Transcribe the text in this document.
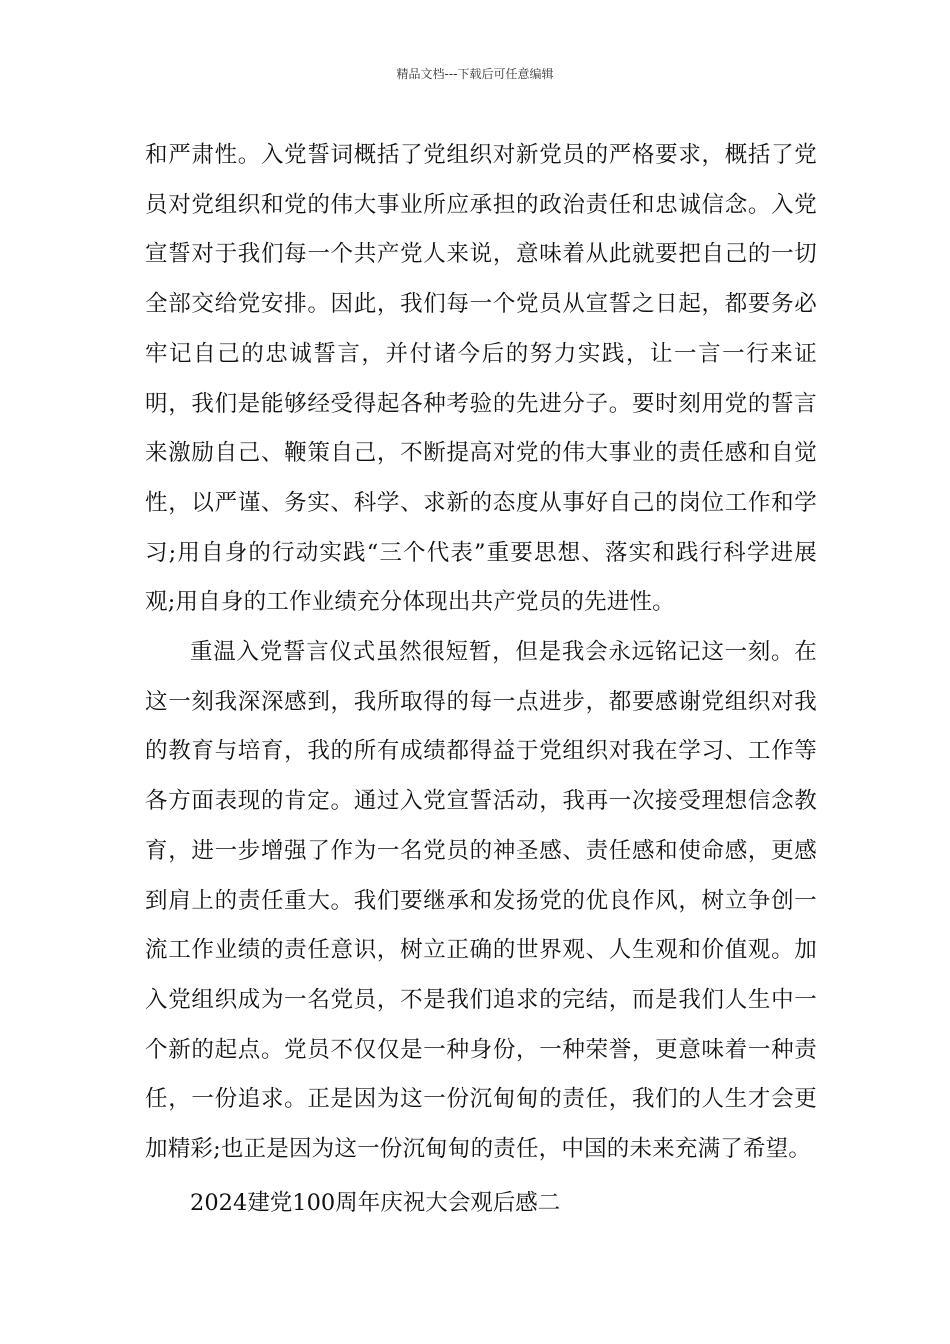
精品文档---下载后可任意编辑

和严肃性。入党誓词概括了党组织对新党员的严格要求，概括了党员对党组织和党的伟大事业所应承担的政治责任和忠诚信念。入党宣誓对于我们每一个共产党人来说，意味着从此就要把自己的一切全部交给党安排。因此，我们每一个党员从宣誓之日起，都要务必牢记自己的忠诚誓言，并付诸今后的努力实践，让一言一行来证明，我们是能够经受得起各种考验的先进分子。要时刻用党的誓言来激励自己、鞭策自己，不断提高对党的伟大事业的责任感和自觉性，以严谨、务实、科学、求新的态度从事好自己的岗位工作和学习;用自身的行动实践“三个代表”重要思想、落实和践行科学进展观;用自身的工作业绩充分体现出共产党员的先进性。

重温入党誓言仪式虽然很短暂，但是我会永远铭记这一刻。在这一刻我深深感到，我所取得的每一点进步，都要感谢党组织对我的教育与培育，我的所有成绩都得益于党组织对我在学习、工作等各方面表现的肯定。通过入党宣誓活动，我再一次接受理想信念教育，进一步增强了作为一名党员的神圣感、责任感和使命感，更感到肩上的责任重大。我们要继承和发扬党的优良作风，树立争创一流工作业绩的责任意识，树立正确的世界观、人生观和价值观。加入党组织成为一名党员，不是我们追求的完结，而是我们人生中一个新的起点。党员不仅仅是一种身份，一种荣誉，更意味着一种责任，一份追求。正是因为这一份沉甸甸的责任，我们的人生才会更加精彩;也正是因为这一份沉甸甸的责任，中国的未来充满了希望。

2024建党100周年庆祝大会观后感二
